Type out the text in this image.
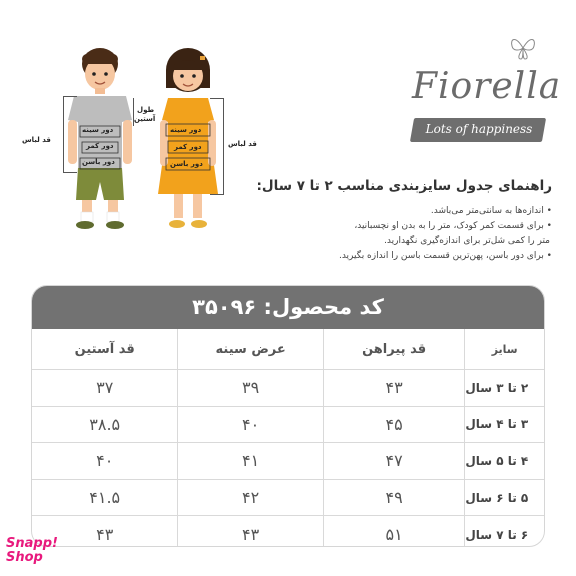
دور سینه
دور کمر
دور باسن
قد لباس
طول
آستین
دور سینه
دور کمر
دور باسن
قد لباس
Fiorella
Lots of happiness
راهنمای جدول سایزبندی مناسب ۲ تا ۷ سال:
• اندازه‌ها به سانتی‌متر می‌باشد.
• برای قسمت کمر کودک، متر را به بدن او نچسبانید،
متر را کمی شل‌تر برای اندازه‌گیری نگهدارید.
• برای دور باسن، پهن‌ترین قسمت باسن را اندازه بگیرید.
کد محصول: ۳۵۰۹۶
سایز
قد پیراهن
عرض سینه
قد آستین
۲ تا ۳ سال
۴۳
۳۹
۳۷
۳ تا ۴ سال
۴۵
۴۰
۳۸.۵
۴ تا ۵ سال
۴۷
۴۱
۴۰
۵ تا ۶ سال
۴۹
۴۲
۴۱.۵
۶ تا ۷ سال
۵۱
۴۳
۴۳
Snapp!
Shop
